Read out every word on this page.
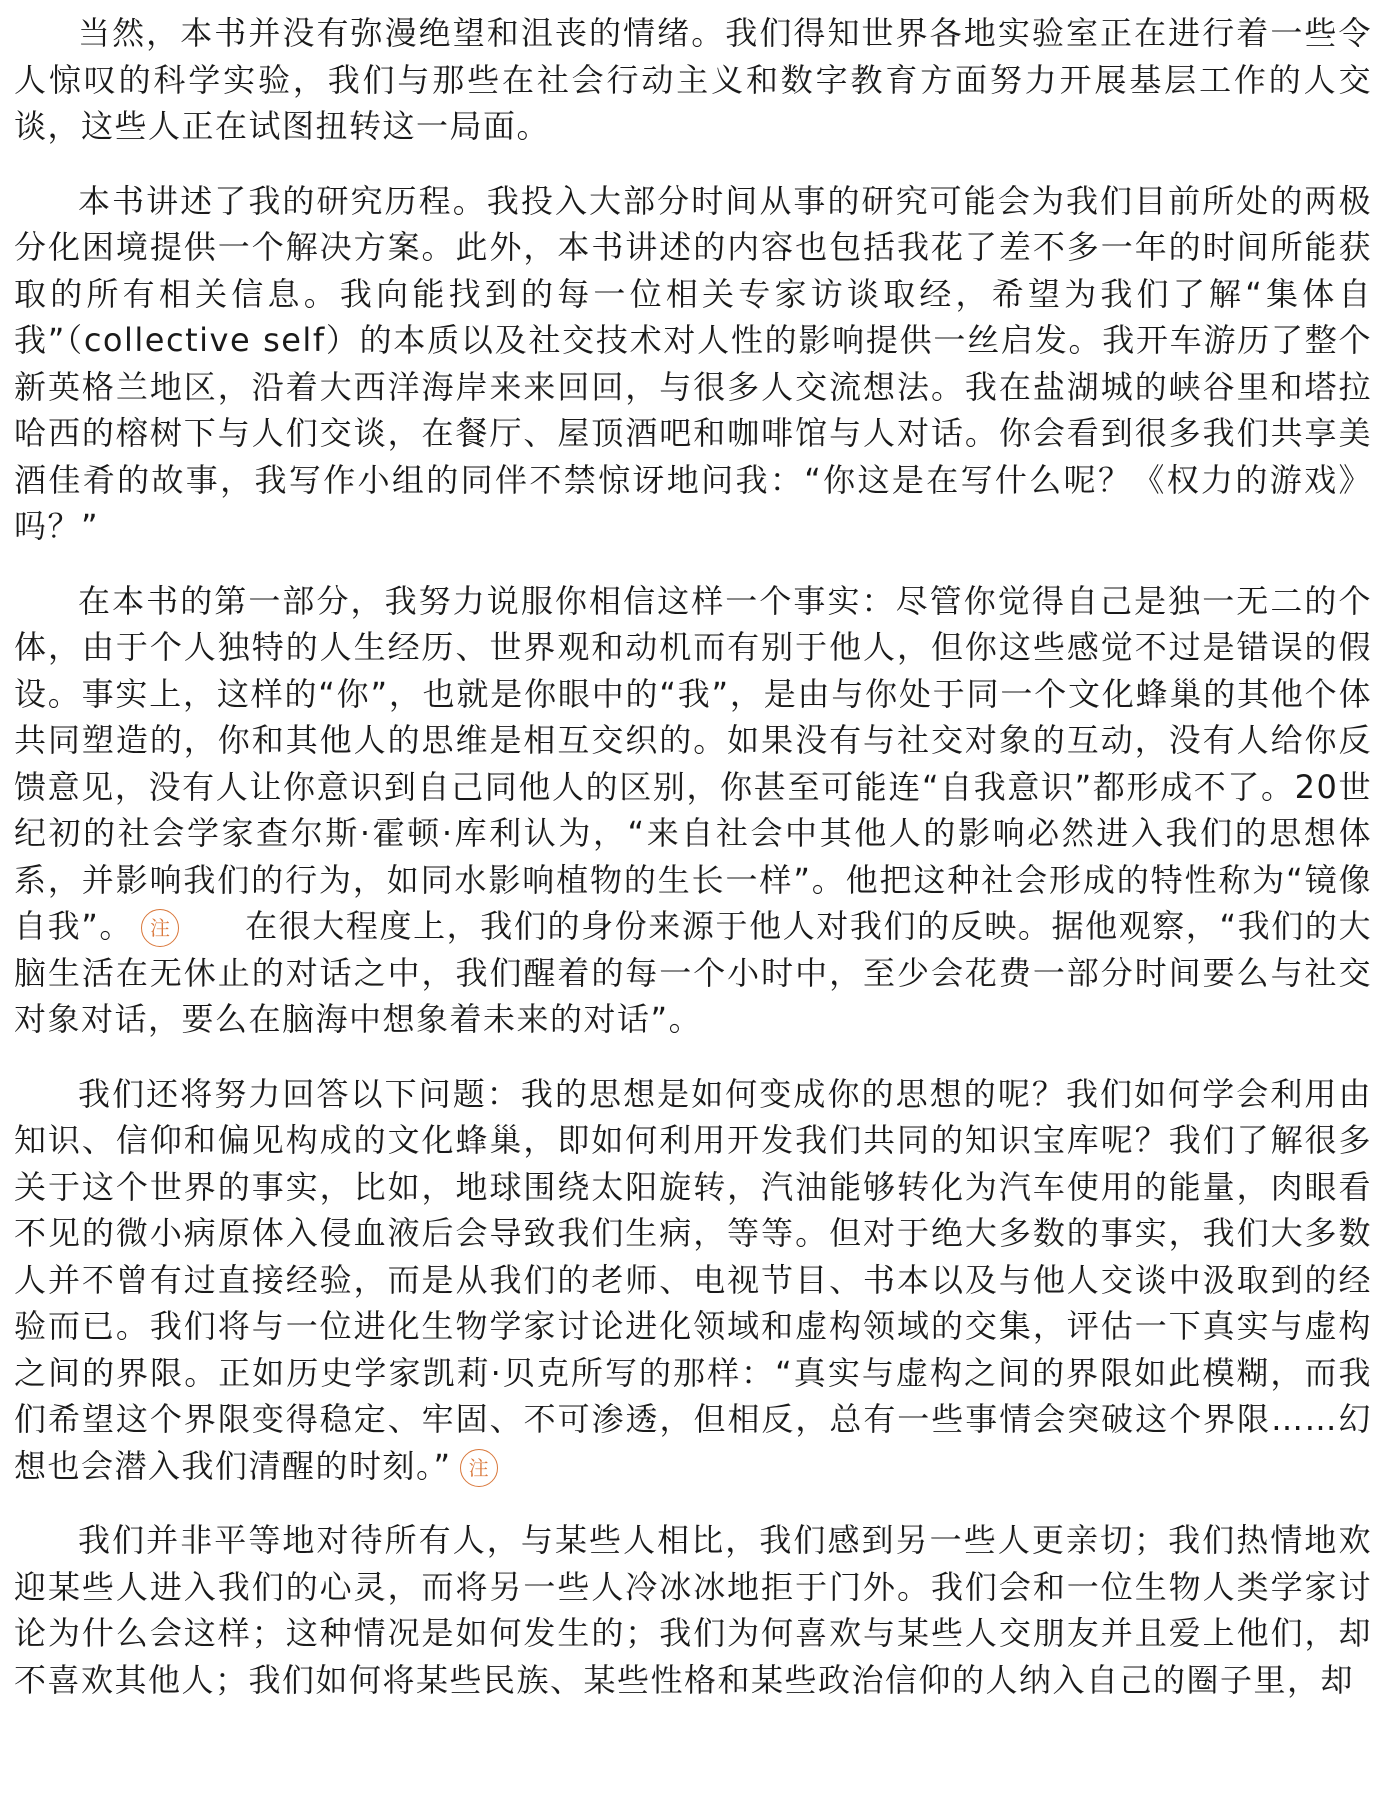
当然，本书并没有弥漫绝望和沮丧的情绪。我们得知世界各地实验室正在进行着一些令人惊叹的科学实验，我们与那些在社会行动主义和数字教育方面努力开展基层工作的人交谈，这些人正在试图扭转这一局面。

本书讲述了我的研究历程。我投入大部分时间从事的研究可能会为我们目前所处的两极分化困境提供一个解决方案。此外，本书讲述的内容也包括我花了差不多一年的时间所能获取的所有相关信息。我向能找到的每一位相关专家访谈取经，希望为我们了解“集体自我”（collective self）的本质以及社交技术对人性的影响提供一丝启发。我开车游历了整个新英格兰地区，沿着大西洋海岸来来回回，与很多人交流想法。我在盐湖城的峡谷里和塔拉哈西的榕树下与人们交谈，在餐厅、屋顶酒吧和咖啡馆与人对话。你会看到很多我们共享美酒佳肴的故事，我写作小组的同伴不禁惊讶地问我：“你这是在写什么呢？《权力的游戏》吗？”

在本书的第一部分，我努力说服你相信这样一个事实：尽管你觉得自己是独一无二的个体，由于个人独特的人生经历、世界观和动机而有别于他人，但你这些感觉不过是错误的假设。事实上，这样的“你”，也就是你眼中的“我”，是由与你处于同一个文化蜂巢的其他个体共同塑造的，你和其他人的思维是相互交织的。如果没有与社交对象的互动，没有人给你反馈意见，没有人让你意识到自己同他人的区别，你甚至可能连“自我意识”都形成不了。20世纪初的社会学家查尔斯·霍顿·库利认为，“来自社会中其他人的影响必然进入我们的思想体系，并影响我们的行为，如同水影响植物的生长一样”。他把这种社会形成的特性称为“镜像自我”。 注 在很大程度上，我们的身份来源于他人对我们的反映。据他观察，“我们的大脑生活在无休止的对话之中，我们醒着的每一个小时中，至少会花费一部分时间要么与社交对象对话，要么在脑海中想象着未来的对话”。

我们还将努力回答以下问题：我的思想是如何变成你的思想的呢？我们如何学会利用由知识、信仰和偏见构成的文化蜂巢，即如何利用开发我们共同的知识宝库呢？我们了解很多关于这个世界的事实，比如，地球围绕太阳旋转，汽油能够转化为汽车使用的能量，肉眼看不见的微小病原体入侵血液后会导致我们生病，等等。但对于绝大多数的事实，我们大多数人并不曾有过直接经验，而是从我们的老师、电视节目、书本以及与他人交谈中汲取到的经验而已。我们将与一位进化生物学家讨论进化领域和虚构领域的交集，评估一下真实与虚构之间的界限。正如历史学家凯莉·贝克所写的那样：“真实与虚构之间的界限如此模糊，而我们希望这个界限变得稳定、牢固、不可渗透，但相反，总有一些事情会突破这个界限……幻想也会潜入我们清醒的时刻。” 注

我们并非平等地对待所有人，与某些人相比，我们感到另一些人更亲切；我们热情地欢迎某些人进入我们的心灵，而将另一些人冷冰冰地拒于门外。我们会和一位生物人类学家讨论为什么会这样；这种情况是如何发生的；我们为何喜欢与某些人交朋友并且爱上他们，却不喜欢其他人；我们如何将某些民族、某些性格和某些政治信仰的人纳入自己的圈子里，却
